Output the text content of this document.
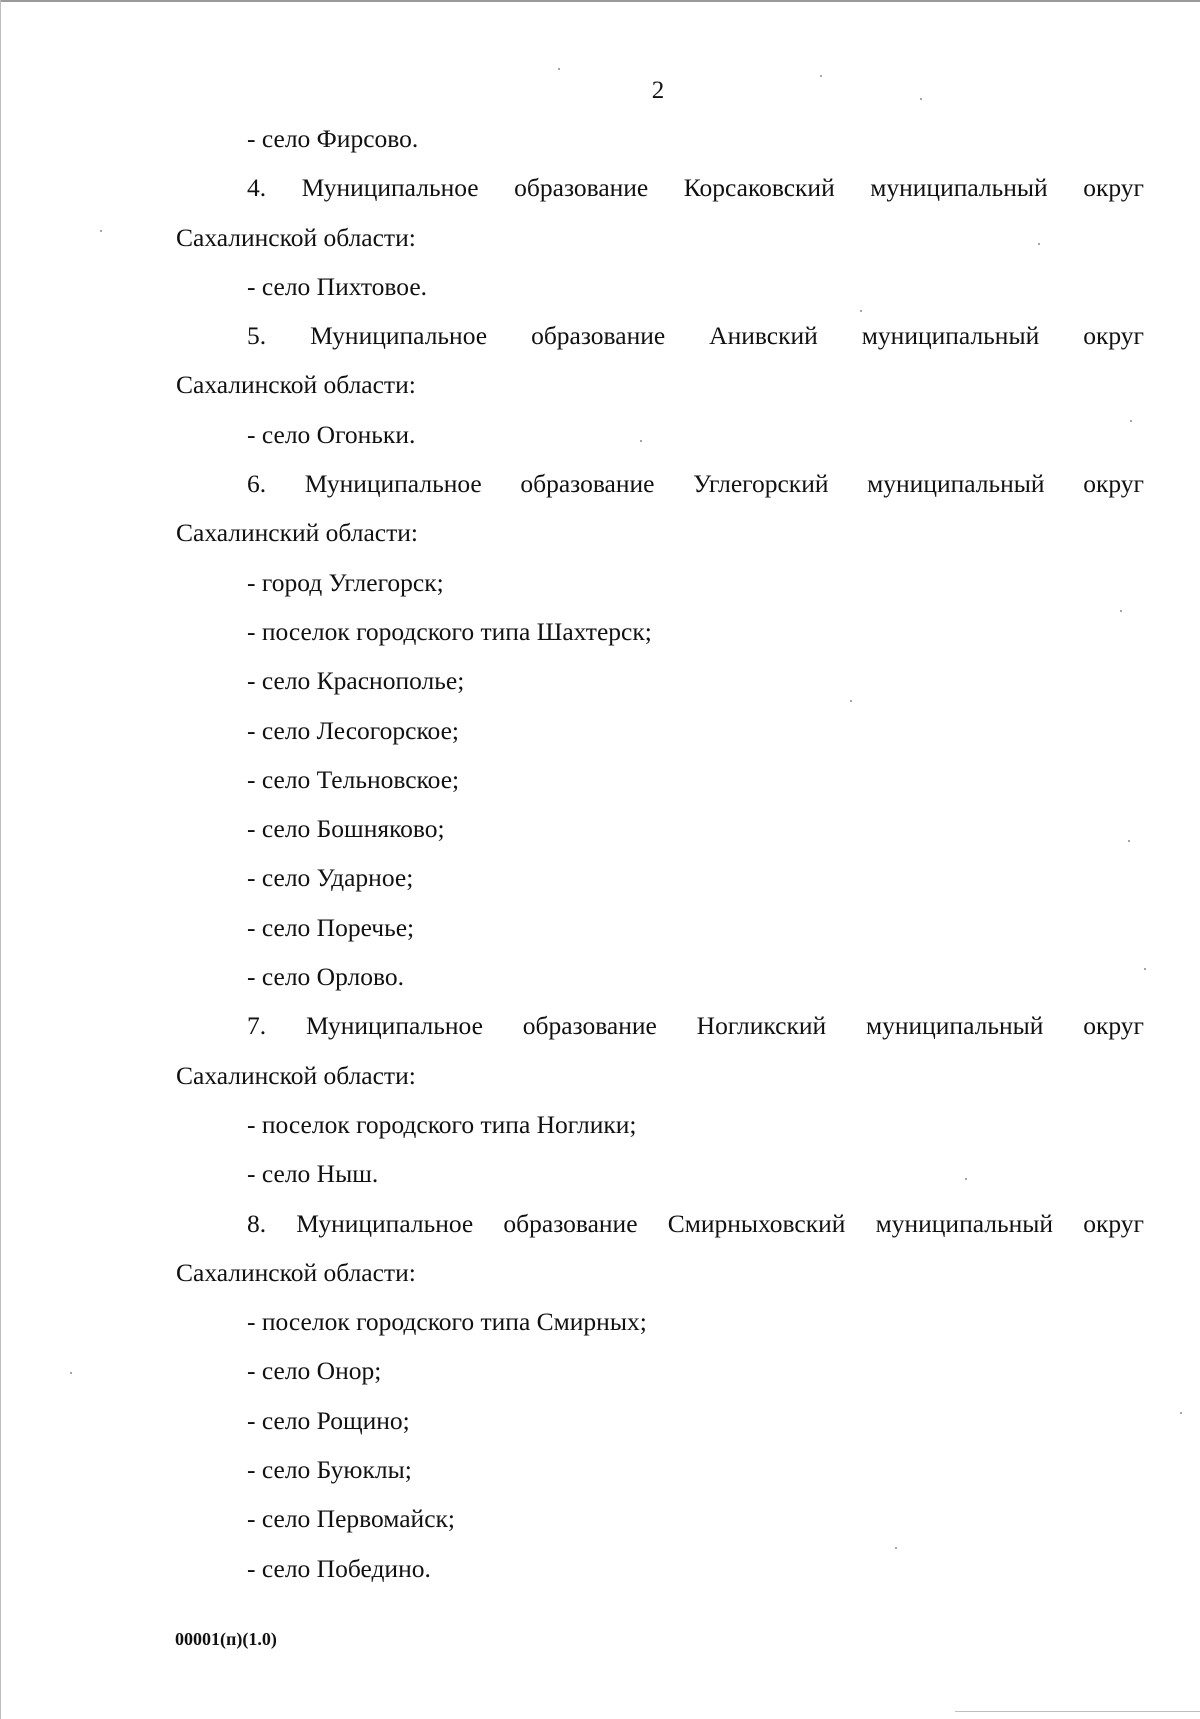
2
- село Фирсово.
4. Муниципальное образование Корсаковский муниципальный округ
Сахалинской области:
- село Пихтовое.
5. Муниципальное образование Анивский муниципальный округ
Сахалинской области:
- село Огоньки.
6. Муниципальное образование Углегорский муниципальный округ
Сахалинский области:
- город Углегорск;
- поселок городского типа Шахтерск;
- село Краснополье;
- село Лесогорское;
- село Тельновское;
- село Бошняково;
- село Ударное;
- село Поречье;
- село Орлово.
7. Муниципальное образование Ногликский муниципальный округ
Сахалинской области:
- поселок городского типа Ноглики;
- село Ныш.
8. Муниципальное образование Смирныховский муниципальный округ
Сахалинской области:
- поселок городского типа Смирных;
- село Онор;
- село Рощино;
- село Буюклы;
- село Первомайск;
- село Побединo.
00001(п)(1.0)
